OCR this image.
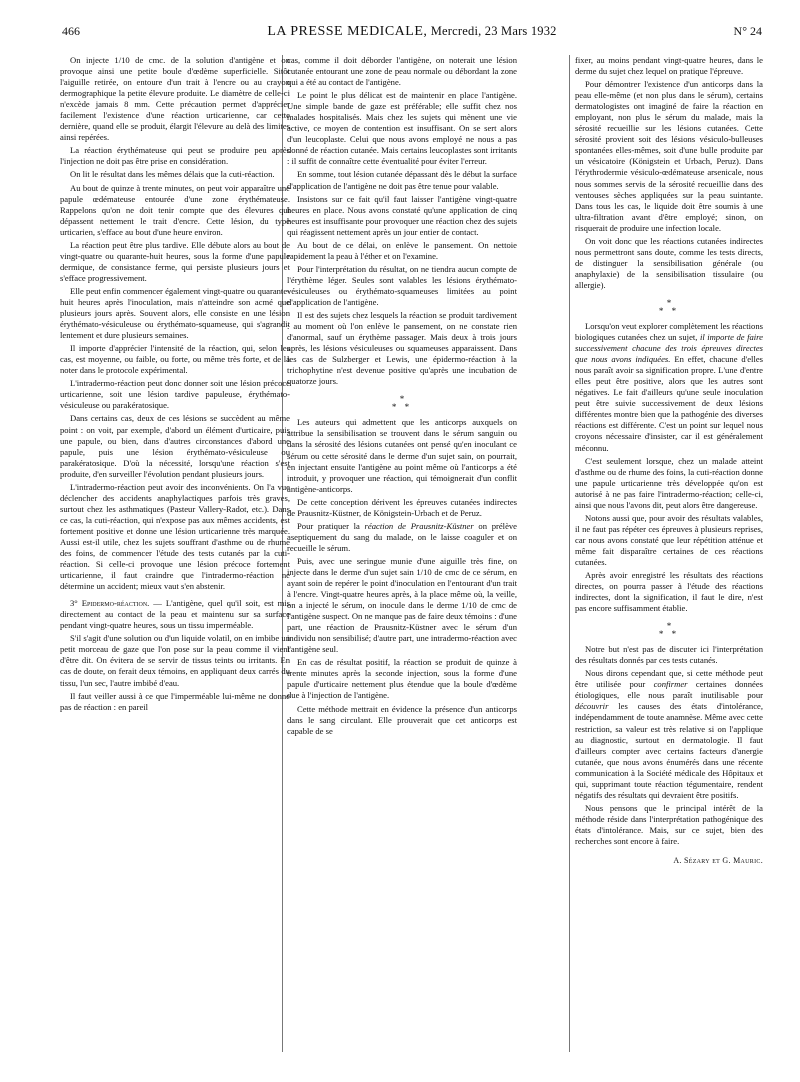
466	LA PRESSE MEDICALE, Mercredi, 23 Mars 1932	N° 24

On injecte 1/10 de cmc. de la solution d'antigène et on provoque ainsi une petite boule d'œdème superficielle. Sitôt l'aiguille retirée, on entoure d'un trait à l'encre ou au crayon dermographique la petite élevure produite. Le diamètre de celle-ci n'excède jamais 8 mm. Cette précaution permet d'apprécier facilement l'existence d'une réaction urticarienne, car cette dernière, quand elle se produit, élargit l'élevure au delà des limites ainsi repérées.

La réaction érythémateuse qui peut se produire peu après l'injection ne doit pas être prise en considération.

On lit le résultat dans les mêmes délais que la cuti-réaction.

Au bout de quinze à trente minutes, on peut voir apparaître une papule œdémateuse entourée d'une zone érythémateuse. Rappelons qu'on ne doit tenir compte que des élevures qui dépassent nettement le trait d'encre. Cette lésion, du type urticarien, s'efface au bout d'une heure environ.

La réaction peut être plus tardive. Elle débute alors au bout de vingt-quatre ou quarante-huit heures, sous la forme d'une papule dermique, de consistance ferme, qui persiste plusieurs jours et s'efface progressivement.

Elle peut enfin commencer également vingt-quatre ou quarante-huit heures après l'inoculation, mais n'atteindre son acmé que plusieurs jours après. Souvent alors, elle consiste en une lésion érythémato-vésiculeuse ou érythémato-squameuse, qui s'agrandit lentement et dure plusieurs semaines.

Il importe d'apprécier l'intensité de la réaction, qui, selon les cas, est moyenne, ou faible, ou forte, ou même très forte, et de la noter dans le protocole expérimental.

L'intradermo-réaction peut donc donner soit une lésion précoce urticarienne, soit une lésion tardive papuleuse, érythémato-vésiculeuse ou parakératosique.

Dans certains cas, deux de ces lésions se succèdent au même point : on voit, par exemple, d'abord un élément d'urticaire, puis une papule, ou bien, dans d'autres circonstances d'abord une papule, puis une lésion érythémato-vésiculeuse ou parakératosique. D'où la nécessité, lorsqu'une réaction s'est produite, d'en surveiller l'évolution pendant plusieurs jours.

L'intradermo-réaction peut avoir des inconvénients. On l'a vue déclencher des accidents anaphylactiques parfois très graves, surtout chez les asthmatiques (Pasteur Vallery-Radot, etc.). Dans ce cas, la cuti-réaction, qui n'expose pas aux mêmes accidents, est fortement positive et donne une lésion urticarienne très marquée. Aussi est-il utile, chez les sujets souffrant d'asthme ou de rhume des foins, de commencer l'étude des tests cutanés par la cuti-réaction. Si celle-ci provoque une lésion précoce fortement urticarienne, il faut craindre que l'intradermo-réaction ne détermine un accident; mieux vaut s'en abstenir.

3° Epidermo-réaction. — L'antigène, quel qu'il soit, est mis directement au contact de la peau et maintenu sur sa surface pendant vingt-quatre heures, sous un tissu imperméable.

S'il s'agit d'une solution ou d'un liquide volatil, on en imbibe un petit morceau de gaze que l'on pose sur la peau comme il vient d'être dit. On évitera de se servir de tissus teints ou irritants. En cas de doute, on ferait deux témoins, en appliquant deux carrés du tissu, l'un sec, l'autre imbibé d'eau.

Il faut veiller aussi à ce que l'imperméable lui-même ne donne pas de réaction : en pareil

cas, comme il doit déborder l'antigène, on noterait une lésion cutanée entourant une zone de peau normale ou débordant la zone qui a été au contact de l'antigène.

Le point le plus délicat est de maintenir en place l'antigène. Une simple bande de gaze est préférable; elle suffit chez nos malades hospitalisés. Mais chez les sujets qui mènent une vie active, ce moyen de contention est insuffisant. On se sert alors d'un leucoplaste. Celui que nous avons employé ne nous a pas donné de réaction cutanée. Mais certains leucoplastes sont irritants : il suffit de connaître cette éventualité pour éviter l'erreur.

En somme, tout lésion cutanée dépassant dès le début la surface d'application de l'antigène ne doit pas être tenue pour valable.

Insistons sur ce fait qu'il faut laisser l'antigène vingt-quatre heures en place. Nous avons constaté qu'une application de cinq heures est insuffisante pour provoquer une réaction chez des sujets qui réagissent nettement après un jour entier de contact.

Au bout de ce délai, on enlève le pansement. On nettoie rapidement la peau à l'éther et on l'examine.

Pour l'interprétation du résultat, on ne tiendra aucun compte de l'érythème léger. Seules sont valables les lésions érythémato-vésiculeuses ou érythémato-squameuses limitées au point d'application de l'antigène.

Il est des sujets chez lesquels la réaction se produit tardivement : au moment où l'on enlève le pansement, on ne constate rien d'anormal, sauf un érythème passager. Mais deux à trois jours après, les lésions vésiculeuses ou squameuses apparaissent. Dans les cas de Sulzberger et Lewis, une épidermo-réaction à la trichophytine n'est devenue positive qu'après une incubation de quatorze jours.

*
* *

Les auteurs qui admettent que les anticorps auxquels on attribue la sensibilisation se trouvent dans le sérum sanguin ou dans la sérosité des lésions cutanées ont pensé qu'en inoculant ce sérum ou cette sérosité dans le derme d'un sujet sain, on pourrait, en injectant ensuite l'antigène au point même où l'anticorps a été introduit, y provoquer une réaction, qui témoignerait d'un conflit antigène-anticorps.

De cette conception dérivent les épreuves cutanées indirectes de Prausnitz-Küstner, de Königstein-Urbach et de Peruz.

Pour pratiquer la réaction de Prausnitz-Küstner on prélève aseptiquement du sang du malade, on le laisse coaguler et on recueille le sérum.

Puis, avec une seringue munie d'une aiguille très fine, on injecte dans le derme d'un sujet sain 1/10 de cmc de ce sérum, en ayant soin de repérer le point d'inoculation en l'entourant d'un trait à l'encre. Vingt-quatre heures après, à la place même où, la veille, on a injecté le sérum, on inocule dans le derme 1/10 de cmc de l'antigène suspect. On ne manque pas de faire deux témoins : d'une part, une réaction de Prausnitz-Küstner avec le sérum d'un individu non sensibilisé; d'autre part, une intradermo-réaction avec l'antigène seul.

En cas de résultat positif, la réaction se produit de quinze à trente minutes après la seconde injection, sous la forme d'une papule d'urticaire nettement plus étendue que la boule d'œdème due à l'injection de l'antigène.

Cette méthode mettrait en évidence la présence d'un anticorps dans le sang circulant. Elle prouverait que cet anticorps est capable de se

fixer, au moins pendant vingt-quatre heures, dans le derme du sujet chez lequel on pratique l'épreuve.

Pour démontrer l'existence d'un anticorps dans la peau elle-même (et non plus dans le sérum), certains dermatologistes ont imaginé de faire la réaction en employant, non plus le sérum du malade, mais la sérosité recueillie sur les lésions cutanées. Cette sérosité provient soit des lésions vésiculo-bulleuses spontanées elles-mêmes, soit d'une bulle produite par un vésicatoire (Königstein et Urbach, Peruz). Dans l'érythrodermie vésiculo-œdémateuse arsenicale, nous nous sommes servis de la sérosité recueillie dans des ventouses sèches appliquées sur la peau suintante. Dans tous les cas, le liquide doit être soumis à une ultra-filtration avant d'être employé; sinon, on risquerait de produire une infection locale.

On voit donc que les réactions cutanées indirectes nous permettront sans doute, comme les tests directs, de distinguer la sensibilisation générale (ou anaphylaxie) de la sensibilisation tissulaire (ou allergie).

*
* *

Lorsqu'on veut explorer complètement les réactions biologiques cutanées chez un sujet, il importe de faire successivement chacune des trois épreuves directes que nous avons indiquées. En effet, chacune d'elles nous paraît avoir sa signification propre. L'une d'entre elles peut être positive, alors que les autres sont négatives. Le fait d'ailleurs qu'une seule inoculation peut être suivie successivement de deux lésions différentes montre bien que la pathogénie des diverses réactions est différente. C'est un point sur lequel nous croyons nécessaire d'insister, car il est généralement méconnu.

C'est seulement lorsque, chez un malade atteint d'asthme ou de rhume des foins, la cuti-réaction donne une papule urticarienne très développée qu'on est autorisé à ne pas faire l'intradermo-réaction; celle-ci, ainsi que nous l'avons dit, peut alors être dangereuse.

Notons aussi que, pour avoir des résultats valables, il ne faut pas répéter ces épreuves à plusieurs reprises, car nous avons constaté que leur répétition atténue et même fait disparaître certaines de ces réactions cutanées.

Après avoir enregistré les résultats des réactions directes, on pourra passer à l'étude des réactions indirectes, dont la signification, il faut le dire, n'est pas encore suffisamment établie.

*
* *

Notre but n'est pas de discuter ici l'interprétation des résultats donnés par ces tests cutanés.

Nous dirons cependant que, si cette méthode peut être utilisée pour confirmer certaines données étiologiques, elle nous paraît inutilisable pour découvrir les causes des états d'intolérance, indépendamment de toute anamnèse. Même avec cette restriction, sa valeur est très relative si on l'applique au diagnostic, surtout en dermatologie. Il faut d'ailleurs compter avec certains facteurs d'anergie cutanée, que nous avons énumérés dans une récente communication à la Société médicale des Hôpitaux et qui, supprimant toute réaction tégumentaire, rendent négatifs des résultats qui devraient être positifs.

Nous pensons que le principal intérêt de la méthode réside dans l'interprétation pathogénique des états d'intolérance. Mais, sur ce sujet, bien des recherches sont encore à faire.

A. Sézary et G. Mauric.
